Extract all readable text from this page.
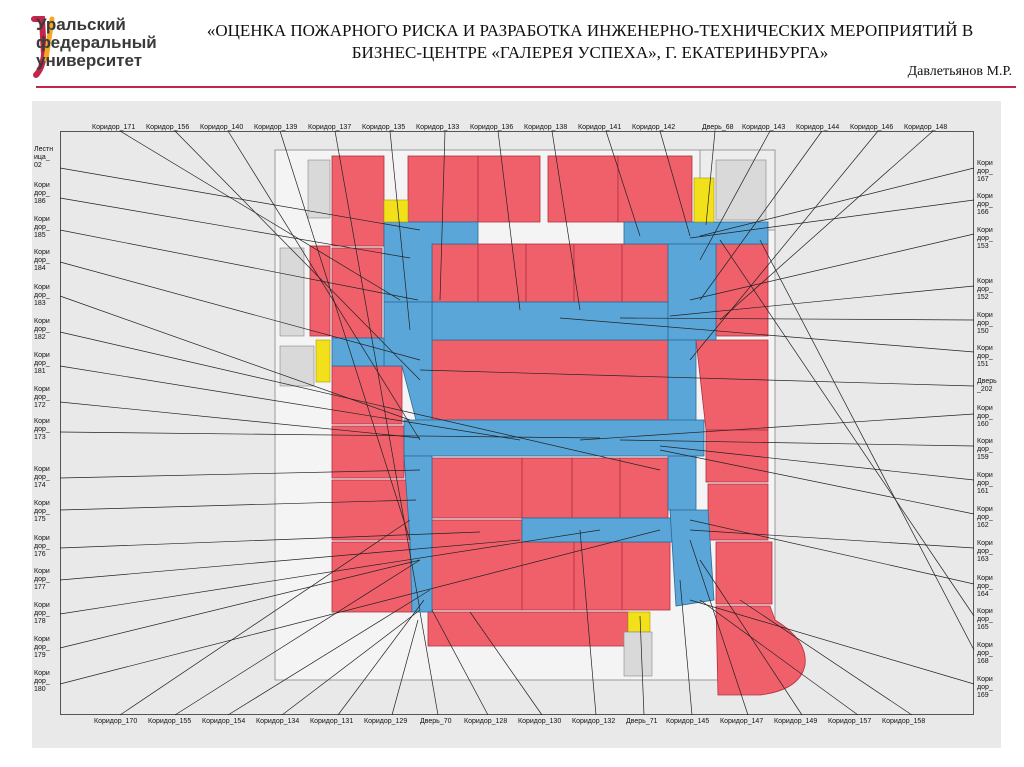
Уральский
федеральный
университет
«ОЦЕНКА ПОЖАРНОГО РИСКА И РАЗРАБОТКА ИНЖЕНЕРНО-ТЕХНИЧЕСКИХ МЕРОПРИЯТИЙ В
БИЗНЕС-ЦЕНТРЕ «ГАЛЕРЕЯ УСПЕХА», Г. ЕКАТЕРИНБУРГА»
Давлетьянов М.Р.
Коридор_171 Коридор_156 Коридор_140 Коридор_139 Коридор_137 Коридор_135 Коридор_133 Коридор_136 Коридор_138 Коридор_141 Коридор_142	Дверь_68 Коридор_143 Коридор_144 Коридор_146 Коридор_148
Коридор_170 Коридор_155 Коридор_154 Коридор_134 Коридор_131 Коридор_129 Дверь_70 Коридор_128 Коридор_130 Коридор_132 Дверь_71 Коридор_145 Коридор_147 Коридор_149 Коридор_157 Коридор_158
Лестн
ица_
02
Кори
дор_
186
Кори
дор_
185
Кори
дор_
184
Кори
дор_
183
Кори
дор_
182
Кори
дор_
181
Кори
дор_
172
Кори
дор_
173
Кори
дор_
174
Кори
дор_
175
Кори
дор_
176
Кори
дор_
177
Кори
дор_
178
Кори
дор_
179
Кори
дор_
180
Кори
дор_
167
Кори
дор_
166
Кори
дор_
153
Кори
дор_
152
Кори
дор_
150
Кори
дор_
151
Дверь
_202
Кори
дор_
160
Кори
дор_
159
Кори
дор_
161
Кори
дор_
162
Кори
дор_
163
Кори
дор_
164
Кори
дор_
165
Кори
дор_
168
Кори
дор_
169
